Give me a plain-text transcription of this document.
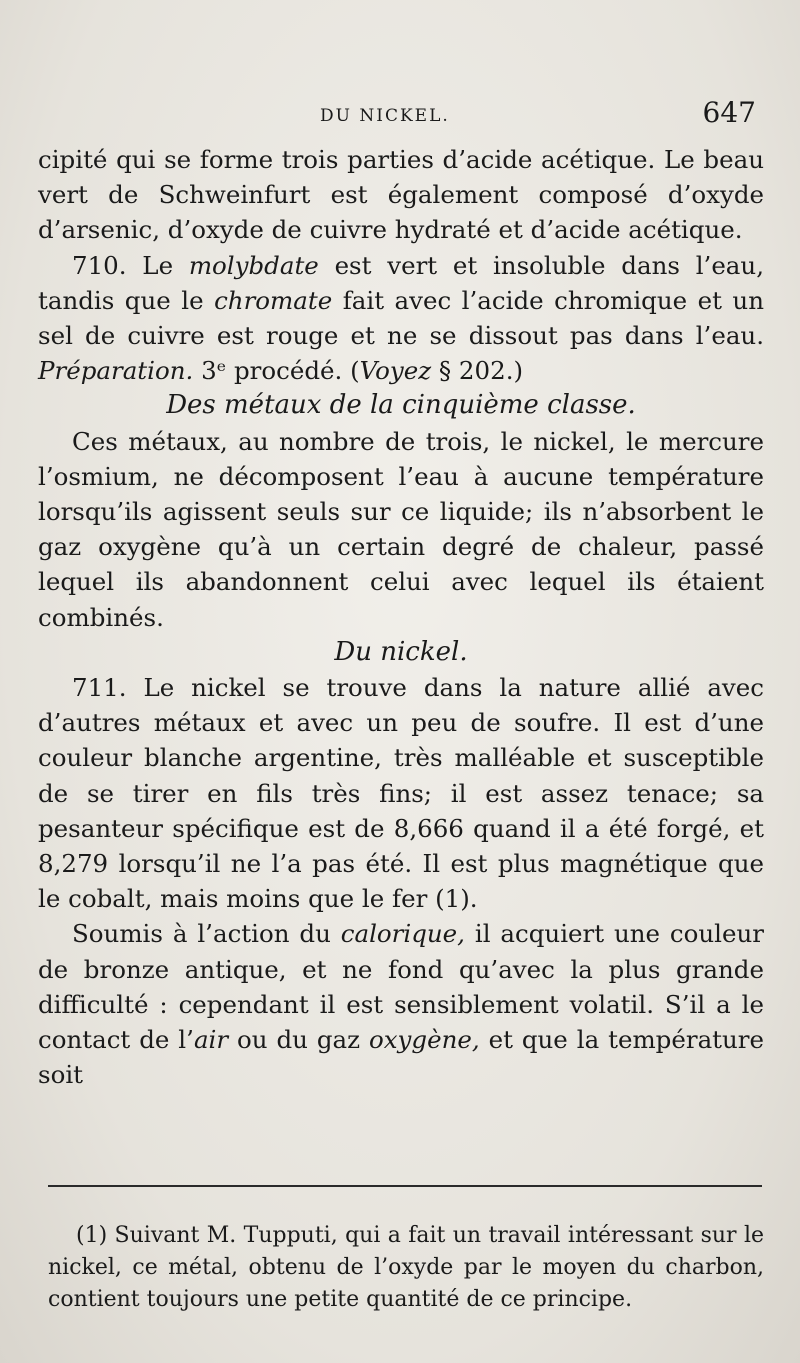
DU NICKEL.	647

cipité qui se forme trois parties d’acide acétique. Le beau vert de Schweinfurt est également composé d’oxyde d’arsenic, d’oxyde de cuivre hydraté et d’acide acétique.

710. Le molybdate est vert et insoluble dans l’eau, tandis que le chromate fait avec l’acide chromique et un sel de cuivre est rouge et ne se dissout pas dans l’eau. Préparation. 3ᵉ procédé. (Voyez § 202.)

Des métaux de la cinquième classe.

Ces métaux, au nombre de trois, le nickel, le mercure l’osmium, ne décomposent l’eau à aucune température lorsqu’ils agissent seuls sur ce liquide; ils n’absorbent le gaz oxygène qu’à un certain degré de chaleur, passé lequel ils abandonnent celui avec lequel ils étaient combinés.

Du nickel.

711. Le nickel se trouve dans la nature allié avec d’autres métaux et avec un peu de soufre. Il est d’une couleur blanche argentine, très malléable et susceptible de se tirer en fils très fins; il est assez tenace; sa pesanteur spécifique est de 8,666 quand il a été forgé, et 8,279 lorsqu’il ne l’a pas été. Il est plus magnétique que le cobalt, mais moins que le fer (1).

Soumis à l’action du calorique, il acquiert une couleur de bronze antique, et ne fond qu’avec la plus grande difficulté : cependant il est sensiblement volatil. S’il a le contact de l’air ou du gaz oxygène, et que la température soit

(1) Suivant M. Tupputi, qui a fait un travail intéressant sur le nickel, ce métal, obtenu de l’oxyde par le moyen du charbon, contient toujours une petite quantité de ce principe.
